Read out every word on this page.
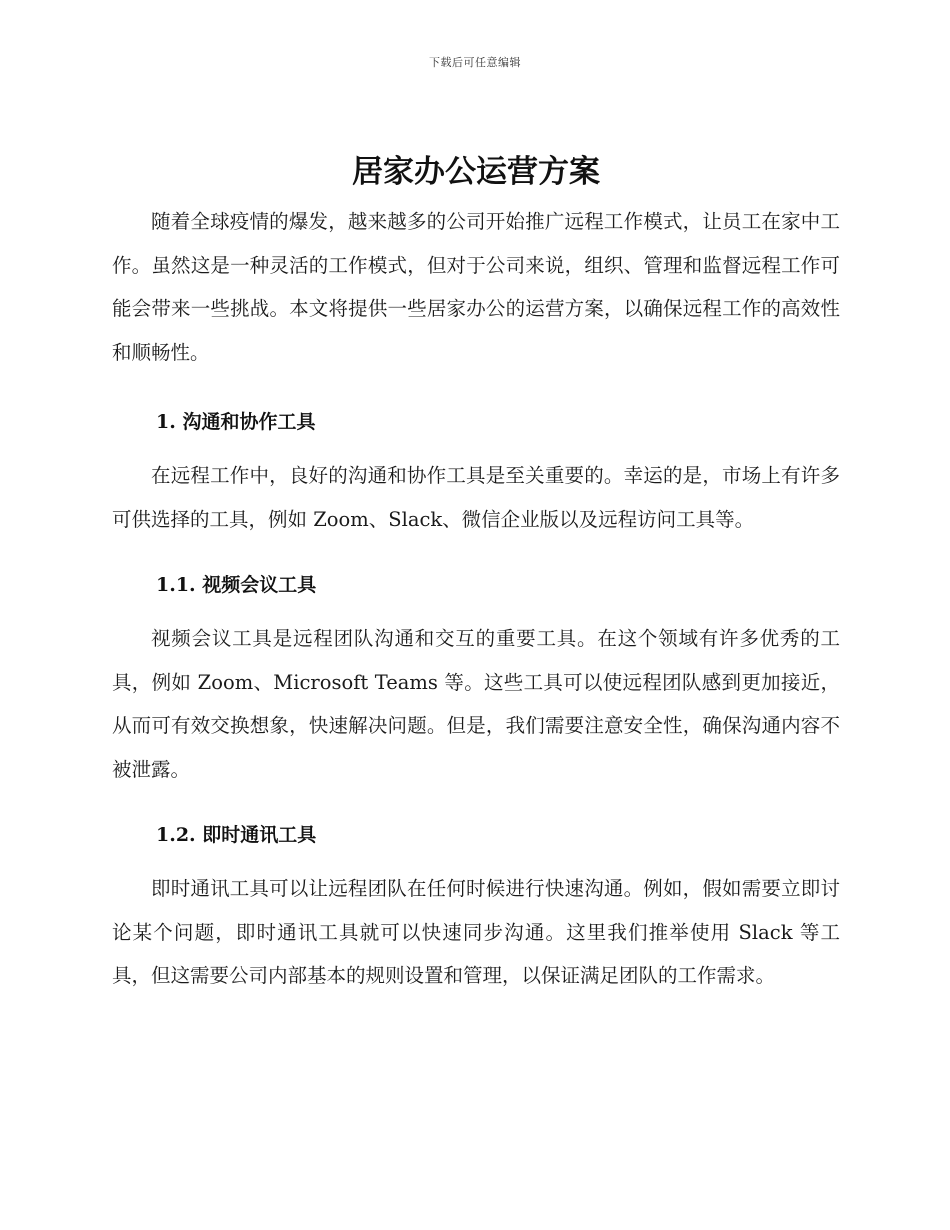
下载后可任意编辑
居家办公运营方案

随着全球疫情的爆发，越来越多的公司开始推广远程工作模式，让员工在家中工作。虽然这是一种灵活的工作模式，但对于公司来说，组织、管理和监督远程工作可能会带来一些挑战。本文将提供一些居家办公的运营方案，以确保远程工作的高效性和顺畅性。

1. 沟通和协作工具

在远程工作中，良好的沟通和协作工具是至关重要的。幸运的是，市场上有许多可供选择的工具，例如 Zoom、Slack、微信企业版以及远程访问工具等。

1.1. 视频会议工具

视频会议工具是远程团队沟通和交互的重要工具。在这个领域有许多优秀的工具，例如 Zoom、Microsoft Teams 等。这些工具可以使远程团队感到更加接近，从而可有效交换想象，快速解决问题。但是，我们需要注意安全性，确保沟通内容不被泄露。

1.2. 即时通讯工具

即时通讯工具可以让远程团队在任何时候进行快速沟通。例如，假如需要立即讨论某个问题，即时通讯工具就可以快速同步沟通。这里我们推举使用 Slack 等工具，但这需要公司内部基本的规则设置和管理，以保证满足团队的工作需求。
